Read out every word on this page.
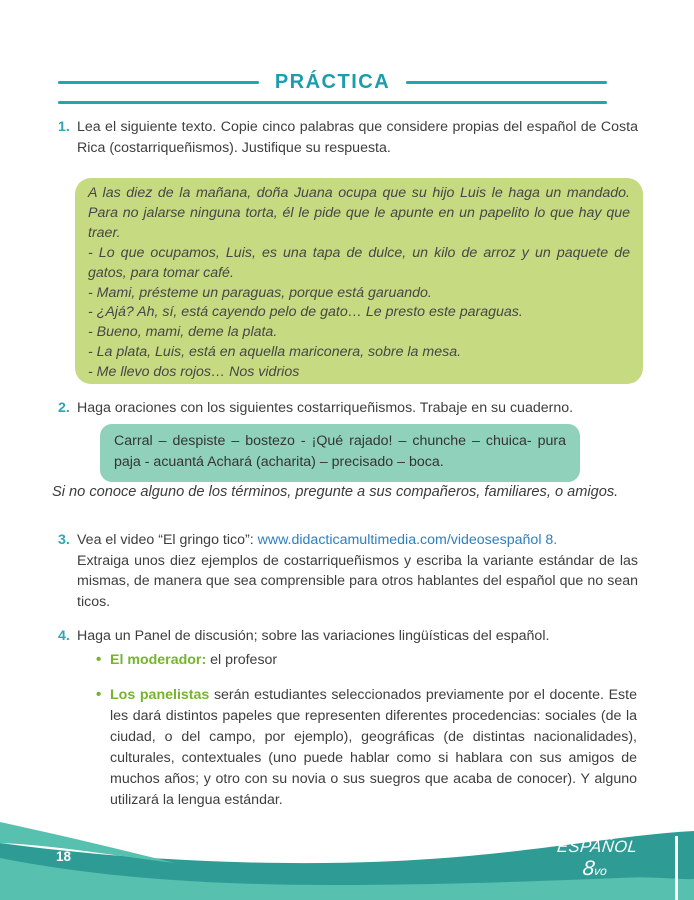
PRÁCTICA
1. Lea el siguiente texto. Copie cinco palabras que considere propias del español de Costa Rica (costarriqueñismos). Justifique su respuesta.

A las diez de la mañana, doña Juana ocupa que su hijo Luis le haga un mandado. Para no jalarse ninguna torta, él le pide que le apunte en un papelito lo que hay que traer.

- Lo que ocupamos, Luis, es una tapa de dulce, un kilo de arroz y un paquete de gatos, para tomar café.

- Mami, présteme un paraguas, porque está garuando.

- ¿Ajá? Ah, sí, está cayendo pelo de gato… Le presto este paraguas.

- Bueno, mami, deme la plata.

- La plata, Luis, está en aquella mariconera, sobre la mesa.

- Me llevo dos rojos… Nos vidrios

2. Haga oraciones con los siguientes costarriqueñismos. Trabaje en su cuaderno.
Carral – despiste – bostezo - ¡Qué rajado! – chunche – chuica- pura paja - acuantá Achará (acharita) – precisado – boca.
Si no conoce alguno de los términos, pregunte a sus compañeros, familiares, o amigos.
3. Vea el video “El gringo tico”: www.didacticamultimedia.com/videosespañol 8.
Extraiga unos diez ejemplos de costarriqueñismos y escriba la variante estándar de las mismas, de manera que sea comprensible para otros hablantes del español que no sean ticos.
4. Haga un Panel de discusión; sobre las variaciones lingüísticas del español.
• El moderador: el profesor
• Los panelistas serán estudiantes seleccionados previamente por el docente. Este les dará distintos papeles que representen diferentes procedencias: sociales (de la ciudad, o del campo, por ejemplo), geográficas (de distintas nacionalidades), culturales, contextuales (uno puede hablar como si hablara con sus amigos de muchos años; y otro con su novia o sus suegros que acaba de conocer). Y alguno utilizará la lengua estándar.
18
ESPAÑOL
8vo
